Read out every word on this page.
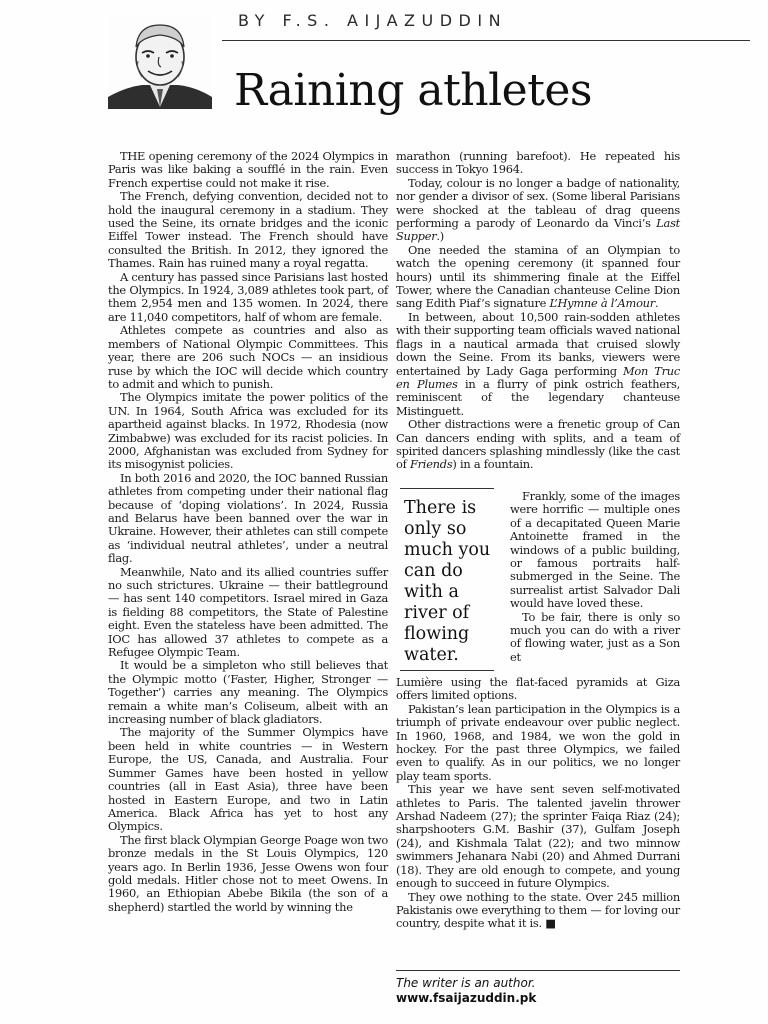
BY F.S. AIJAZUDDIN
Raining athletes

THE opening ceremony of the 2024 Olympics in Paris was like baking a soufflé in the rain. Even French expertise could not make it rise.

The French, defying convention, decided not to hold the inaugural ceremony in a stadium. They used the Seine, its ornate bridges and the iconic Eiffel Tower instead. The French should have consulted the British. In 2012, they ignored the Thames. Rain has ruined many a royal regatta.

A century has passed since Parisians last hosted the Olympics. In 1924, 3,089 athletes took part, of them 2,954 men and 135 women. In 2024, there are 11,040 competitors, half of whom are female.

Athletes compete as countries and also as members of National Olympic Committees. This year, there are 206 such NOCs — an insidious ruse by which the IOC will decide which country to admit and which to punish.

The Olympics imitate the power politics of the UN. In 1964, South Africa was excluded for its apartheid against blacks. In 1972, Rhodesia (now Zimbabwe) was excluded for its racist policies. In 2000, Afghanistan was excluded from Sydney for its misogynist policies.

In both 2016 and 2020, the IOC banned Russian athletes from competing under their national flag because of ‘doping violations’. In 2024, Russia and Belarus have been banned over the war in Ukraine. However, their athletes can still compete as ‘individual neutral athletes’, under a neutral flag.

Meanwhile, Nato and its allied countries suffer no such strictures. Ukraine — their battleground — has sent 140 competitors. Israel mired in Gaza is fielding 88 competitors, the State of Palestine eight. Even the stateless have been admitted. The IOC has allowed 37 athletes to compete as a Refugee Olympic Team.

It would be a simpleton who still believes that the Olympic motto (‘Faster, Higher, Stronger — Together’) carries any meaning. The Olympics remain a white man’s Coliseum, albeit with an increasing number of black gladiators.

The majority of the Summer Olympics have been held in white countries — in Western Europe, the US, Canada, and Australia. Four Summer Games have been hosted in yellow countries (all in East Asia), three have been hosted in Eastern Europe, and two in Latin America. Black Africa has yet to host any Olympics.

The first black Olympian George Poage won two bronze medals in the St Louis Olympics, 120 years ago. In Berlin 1936, Jesse Owens won four gold medals. Hitler chose not to meet Owens. In 1960, an Ethiopian Abebe Bikila (the son of a shepherd) startled the world by winning the

marathon (running barefoot). He repeated his success in Tokyo 1964.

Today, colour is no longer a badge of nationality, nor gender a divisor of sex. (Some liberal Parisians were shocked at the tableau of drag queens performing a parody of Leonardo da Vinci’s Last Supper.)

One needed the stamina of an Olympian to watch the opening ceremony (it spanned four hours) until its shimmering finale at the Eiffel Tower, where the Canadian chanteuse Celine Dion sang Edith Piaf’s signature L’Hymne à l’Amour.

In between, about 10,500 rain-sodden athletes with their supporting team officials waved national flags in a nautical armada that cruised slowly down the Seine. From its banks, viewers were entertained by Lady Gaga performing Mon Truc en Plumes in a flurry of pink ostrich feathers, reminiscent of the legendary chanteuse Mistinguett.

Other distractions were a frenetic group of Can Can dancers ending with splits, and a team of spirited dancers splashing mindlessly (like the cast of Friends) in a fountain.

There is only so much you can do with a river of flowing water.

Frankly, some of the images were horrific — multiple ones of a decapitated Queen Marie Antoinette framed in the windows of a public building, or famous portraits half-submerged in the Seine. The surrealist artist Salvador Dali would have loved these.

To be fair, there is only so much you can do with a river of flowing water, just as a Son et

Lumière using the flat-faced pyramids at Giza offers limited options.

Pakistan’s lean participation in the Olympics is a triumph of private endeavour over public neglect. In 1960, 1968, and 1984, we won the gold in hockey. For the past three Olympics, we failed even to qualify. As in our politics, we no longer play team sports.

This year we have sent seven self-motivated athletes to Paris. The talented javelin thrower Arshad Nadeem (27); the sprinter Faiqa Riaz (24); sharpshooters G.M. Bashir (37), Gulfam Joseph (24), and Kishmala Talat (22); and two minnow swimmers Jehanara Nabi (20) and Ahmed Durrani (18). They are old enough to compete, and young enough to succeed in future Olympics.

They owe nothing to the state. Over 245 million Pakistanis owe everything to them — for loving our country, despite what it is. ■

The writer is an author.
www.fsaijazuddin.pk
